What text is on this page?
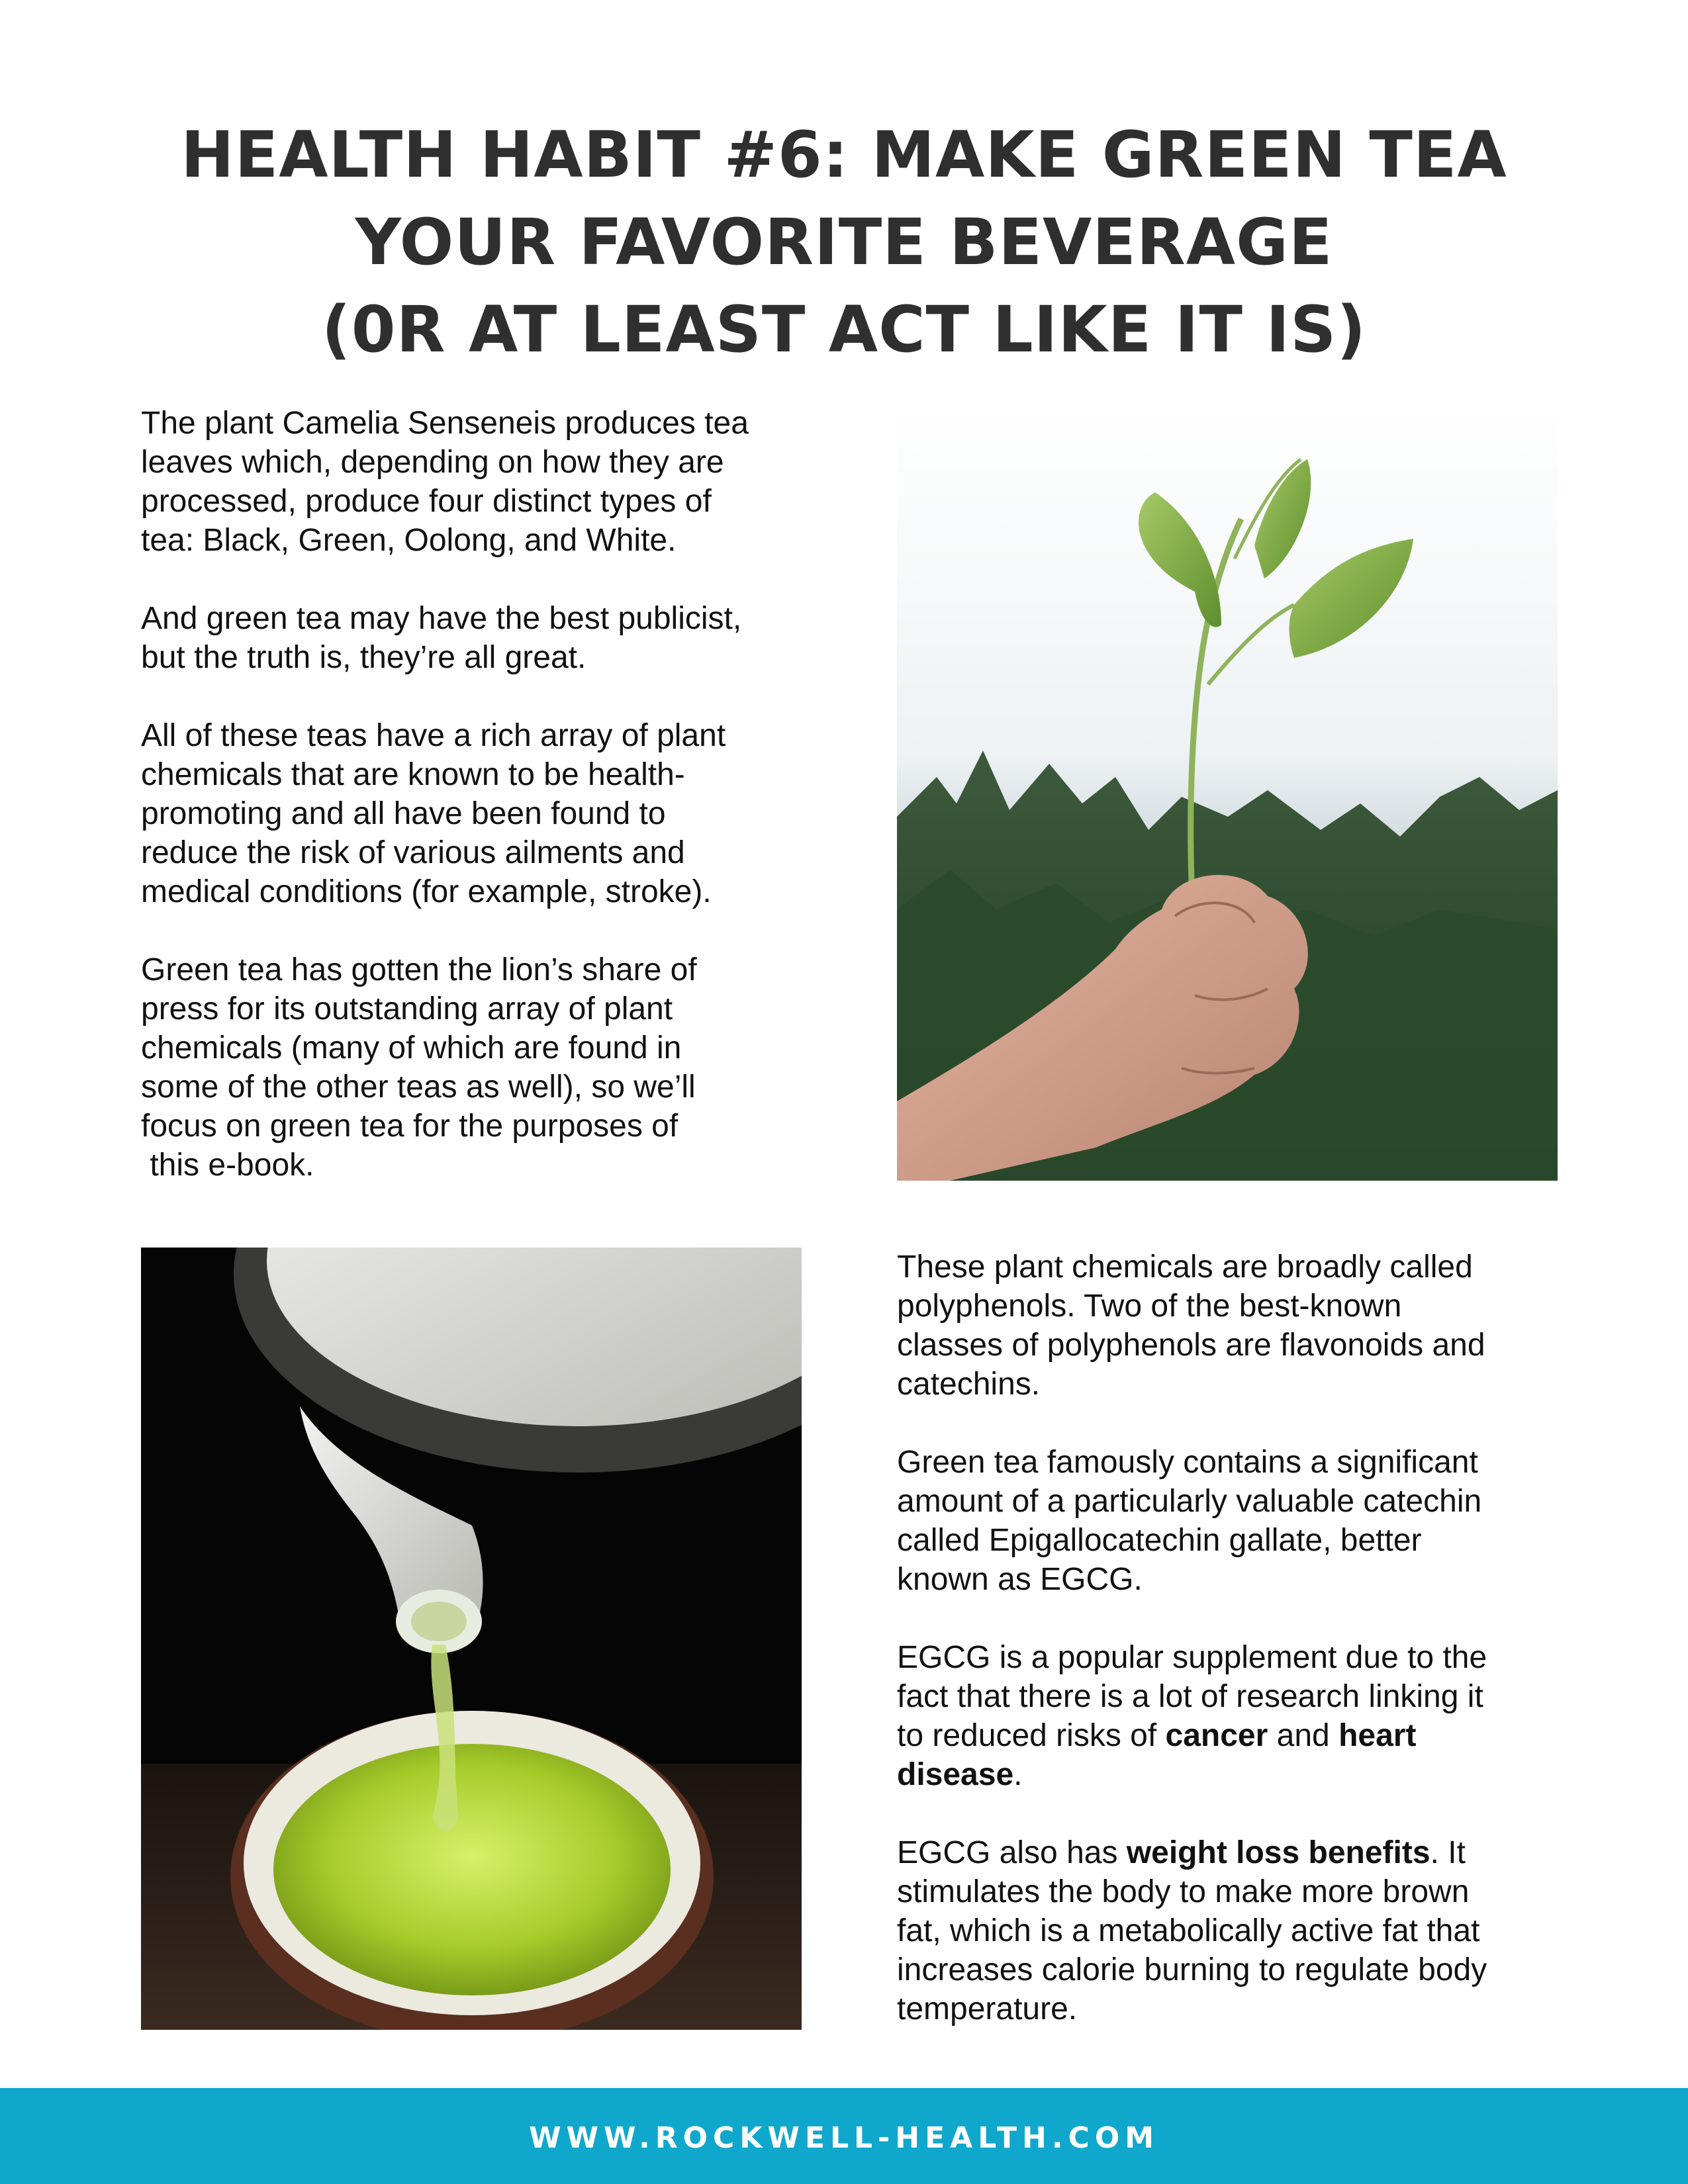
HEALTH HABIT #6: MAKE GREEN TEA
YOUR FAVORITE BEVERAGE
(0R AT LEAST ACT LIKE IT IS)

The plant Camelia Senseneis produces tea
leaves which, depending on how they are
processed, produce four distinct types of
tea: Black, Green, Oolong, and White.

And green tea may have the best publicist,
but the truth is, they’re all great.

All of these teas have a rich array of plant
chemicals that are known to be health-
promoting and all have been found to
reduce the risk of various ailments and
medical conditions (for example, stroke).

Green tea has gotten the lion’s share of
press for its outstanding array of plant
chemicals (many of which are found in
some of the other teas as well), so we’ll
focus on green tea for the purposes of
this e-book.

These plant chemicals are broadly called
polyphenols. Two of the best-known
classes of polyphenols are flavonoids and
catechins.

Green tea famously contains a significant
amount of a particularly valuable catechin
called Epigallocatechin gallate, better
known as EGCG.

EGCG is a popular supplement due to the
fact that there is a lot of research linking it
to reduced risks of cancer and heart
disease.

EGCG also has weight loss benefits. It
stimulates the body to make more brown
fat, which is a metabolically active fat that
increases calorie burning to regulate body
temperature.

WWW.ROCKWELL-HEALTH.COM
